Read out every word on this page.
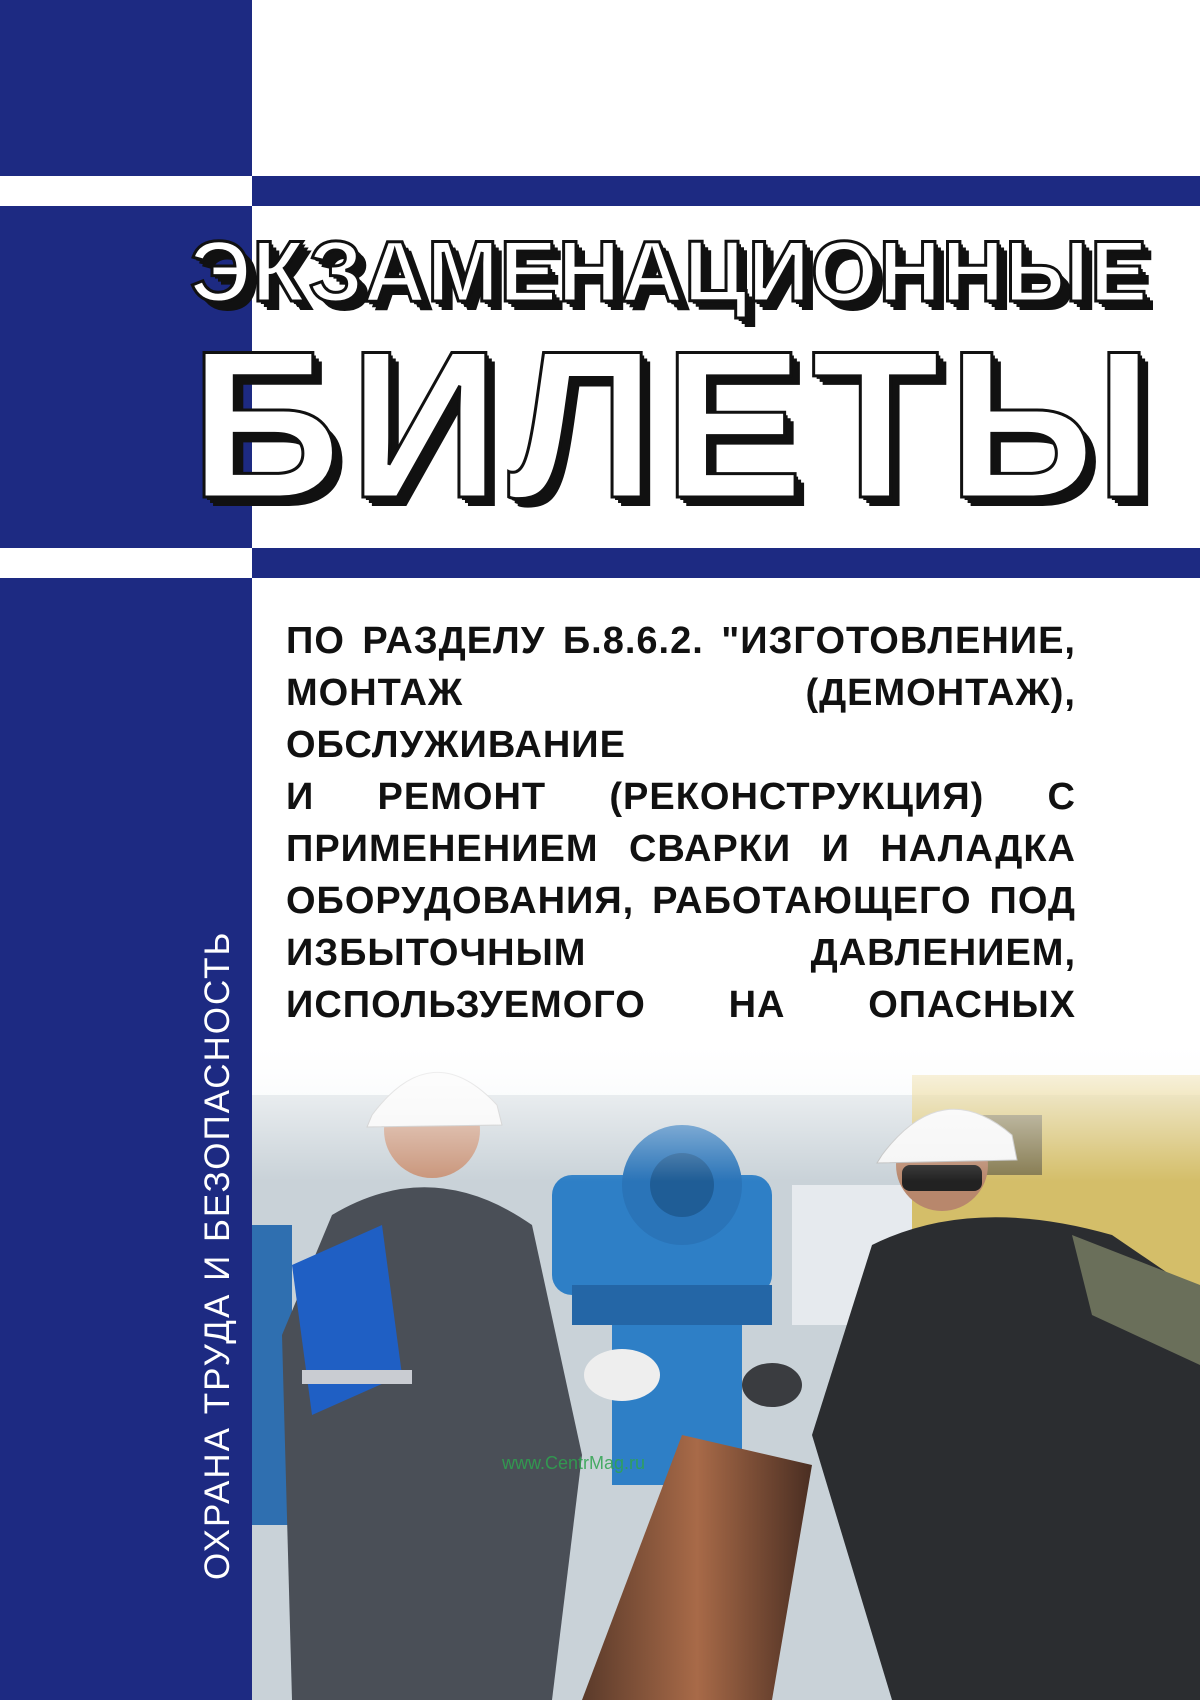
ЭКЗАМЕНАЦИОННЫЕ
БИЛЕТЫ
ПО РАЗДЕЛУ Б.8.6.2. "ИЗГОТОВЛЕНИЕ,
МОНТАЖ (ДЕМОНТАЖ), ОБСЛУЖИВАНИЕ
И РЕМОНТ (РЕКОНСТРУКЦИЯ) С
ПРИМЕНЕНИЕМ СВАРКИ И НАЛАДКА
ОБОРУДОВАНИЯ, РАБОТАЮЩЕГО ПОД
ИЗБЫТОЧНЫМ ДАВЛЕНИЕМ,
ИСПОЛЬЗУЕМОГО НА ОПАСНЫХ
ОХРАНА ТРУДА И БЕЗОПАСНОСТЬ	www.CentrMag.ru
